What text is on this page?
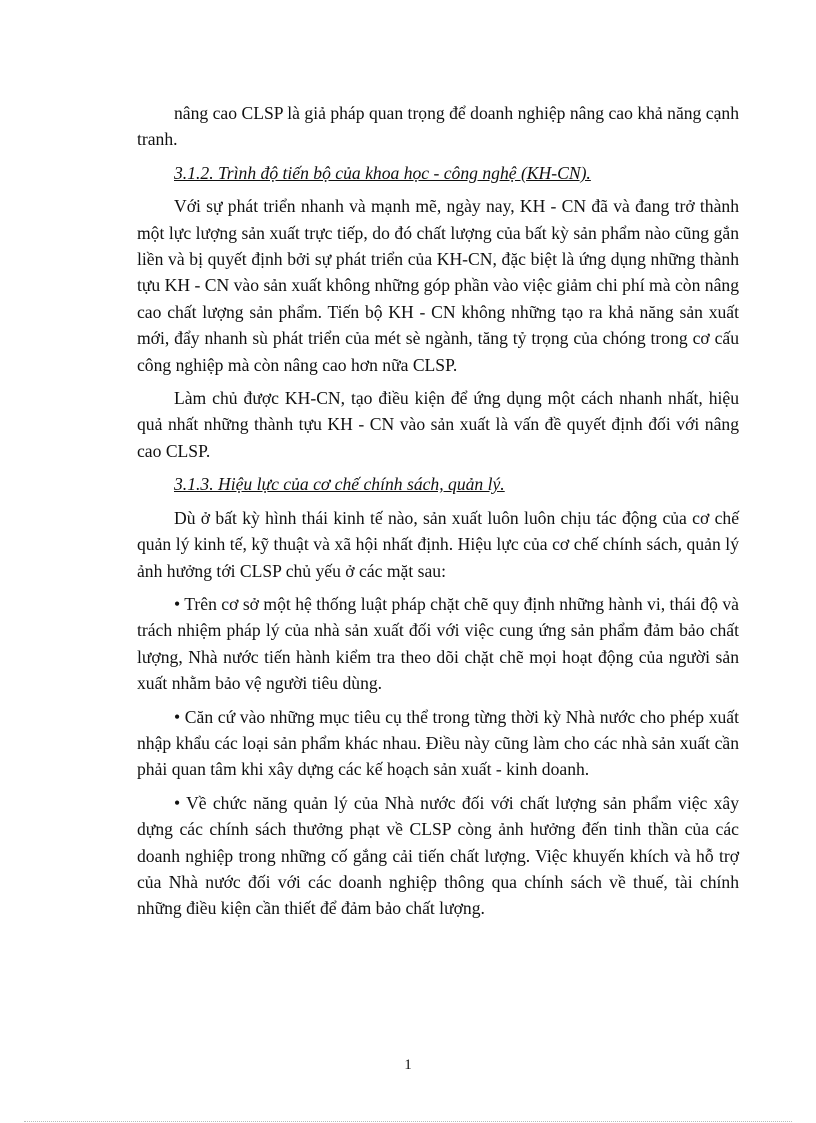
nâng cao CLSP là giả pháp quan trọng để doanh nghiệp nâng cao khả năng cạnh tranh.

3.1.2. Trình độ tiến bộ của khoa học - công nghệ (KH-CN).

Với sự phát triển nhanh và mạnh mẽ, ngày nay, KH - CN đã và đang trở thành một lực lượng sản xuất trực tiếp, do đó chất lượng của bất kỳ sản phẩm nào cũng gắn liền và bị quyết định bởi sự phát triển của KH-CN, đặc biệt là ứng dụng những thành tựu KH - CN vào sản xuất không những góp phần vào việc giảm chi phí mà còn nâng cao chất lượng sản phẩm. Tiến bộ KH - CN không những tạo ra khả năng sản xuất mới, đẩy nhanh sù phát triển của mét sè ngành, tăng tỷ trọng của chóng trong cơ cấu công nghiệp mà còn nâng cao hơn nữa CLSP.

Làm chủ được KH-CN, tạo điều kiện để ứng dụng một cách nhanh nhất, hiệu quả nhất những thành tựu KH - CN vào sản xuất là vấn đề quyết định đối với nâng cao CLSP.

3.1.3. Hiệu lực của cơ chế chính sách, quản lý.

Dù ở bất kỳ hình thái kinh tế nào, sản xuất luôn luôn chịu tác động của cơ chế quản lý kinh tế, kỹ thuật và xã hội nhất định. Hiệu lực của cơ chế chính sách, quản lý ảnh hưởng tới CLSP chủ yếu ở các mặt sau:

• Trên cơ sở một hệ thống luật pháp chặt chẽ quy định những hành vi, thái độ và trách nhiệm pháp lý của nhà sản xuất đối với việc cung ứng sản phẩm đảm bảo chất lượng, Nhà nước tiến hành kiểm tra theo dõi chặt chẽ mọi hoạt động của người sản xuất nhằm bảo vệ người tiêu dùng.

• Căn cứ vào những mục tiêu cụ thể trong từng thời kỳ Nhà nước cho phép xuất nhập khẩu các loại sản phẩm khác nhau. Điều này cũng làm cho các nhà sản xuất cần phải quan tâm khi xây dựng các kế hoạch sản xuất - kinh doanh.

• Về chức năng quản lý của Nhà nước đối với chất lượng sản phẩm việc xây dựng các chính sách thưởng phạt về CLSP còng ảnh hưởng đến tinh thần của các doanh nghiệp trong những cố gắng cải tiến chất lượng. Việc khuyến khích và hỗ trợ của Nhà nước đối với các doanh nghiệp thông qua chính sách về thuế, tài chính những điều kiện cần thiết để đảm bảo chất lượng.

1
